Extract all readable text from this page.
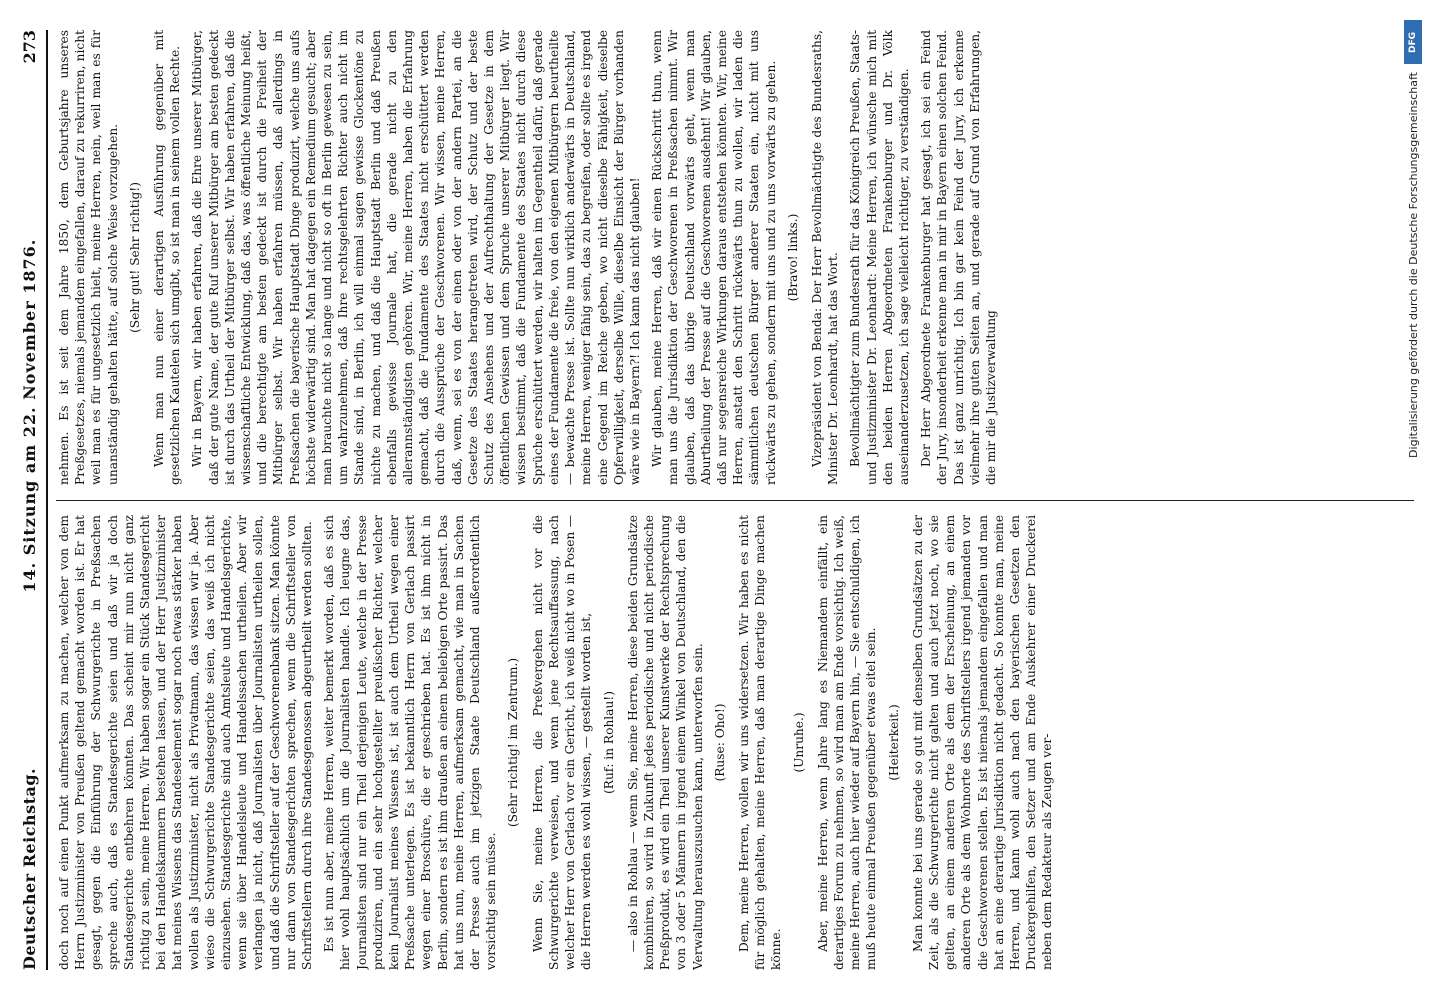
Deutscher Reichstag.
14. Sitzung am 22. November 1876.
273

doch noch auf einen Punkt aufmerksam zu machen, welcher von dem Herrn Justizminister von Preußen geltend gemacht worden ist. Er hat gesagt, gegen die Einführung der Schwurgerichte in Preßsachen spreche auch, daß es Standesgerichte seien und daß wir ja doch Standesgerichte entbehren könnten. Das scheint mir nun nicht ganz richtig zu sein, meine Herren. Wir haben sogar ein Stück Standesgericht bei den Handelskammern bestehen lassen, und der Herr Justizminister hat meines Wissens das Standeselement sogar noch etwas stärker haben wollen als Justizminister, nicht als Privatmann, das wissen wir ja. Aber wieso die Schwurgerichte Standesgerichte seien, das weiß ich nicht einzusehen. Standesgerichte sind auch Amtsleute und Handelsgerichte, wenn sie über Handelsleute und Handelssachen urtheilen. Aber wir verlangen ja nicht, daß Journalisten über Journalisten urtheilen sollen, und daß die Schriftsteller auf der Geschworenenbank sitzen. Man könnte nur dann von Standesgerichten sprechen, wenn die Schriftsteller von Schriftstellern durch ihre Standesgenossen abgeurtheilt werden sollten. Es ist nun aber, meine Herren, weiter bemerkt worden, daß es sich hier wohl hauptsächlich um die Journalisten handle. Ich leugne das, Journalisten sind nur ein Theil derjenigen Leute, welche in der Presse produziren, und ein sehr hochgestellter preußischer Richter, welcher kein Journalist meines Wissens ist, ist auch dem Urtheil wegen einer Preßsache unterlegen. Es ist bekanntlich Herrn von Gerlach passirt wegen einer Broschüre, die er geschrieben hat. Es ist ihm nicht in Berlin, sondern es ist ihm draußen an einem beliebigen Orte passirt. Das hat uns nun, meine Herren, aufmerksam gemacht, wie man in Sachen der Presse auch im jetzigen Staate Deutschland außerordentlich vorsichtig sein müsse.

(Sehr richtig! im Zentrum.) Wenn Sie, meine Herren, die Preßvergehen nicht vor die Schwurgerichte verweisen, und wenn jene Rechtsauffassung, nach welcher Herr von Gerlach vor ein Gericht, ich weiß nicht wo in Posen — die Herren werden es wohl wissen, — gestellt worden ist, (Ruf: in Rohlau!) — also in Rohlau — wenn Sie, meine Herren, diese beiden Grundsätze kombiniren, so wird in Zukunft jedes periodische und nicht periodische Preßprodukt, es wird ein Theil unserer Kunstwerke der Rechtsprechung von 3 oder 5 Männern in irgend einem Winkel von Deutschland, den die Verwaltung herauszusuchen kann, unterworfen sein. (Ruse: Oho!) Dem, meine Herren, wollen wir uns widersetzen. Wir haben es nicht für möglich gehalten, meine Herren, daß man derartige Dinge machen könne.

(Unruhe.) Aber, meine Herren, wenn Jahre lang es Niemandem einfällt, ein derartiges Forum zu nehmen, so wird man am Ende vorsichtig. Ich weiß, meine Herren, auch hier wieder auf Bayern hin, — Sie entschuldigen, ich muß heute einmal Preußen gegenüber etwas eitel sein. (Heiterkeit.) Man konnte bei uns gerade so gut mit denselben Grundsätzen zu der Zeit, als die Schwurgerichte nicht galten und auch jetzt noch, wo sie gelten, an einem anderen Orte als dem der Erscheinung, an einem anderen Orte als dem Wohnorte des Schriftstellers irgend jemanden vor die Geschworenen stellen. Es ist niemals jemandem eingefallen und man hat an eine derartige Jurisdiktion nicht gedacht. So konnte man, meine Herren, und kann wohl auch nach den bayerischen Gesetzen den Druckergehilfen, den Setzer und am Ende Auskehrer einer Druckerei neben dem Redakteur als Zeugen ver-

nehmen. Es ist seit dem Jahre 1850, dem Geburtsjahre unseres Preßgesetzes, niemals jemandem eingefallen, darauf zu rekurriren, nicht weil man es für ungesetzlich hielt, meine Herren, nein, weil man es für unanständig gehalten hätte, auf solche Weise vorzugehen. (Sehr gut! Sehr richtig!) Wenn man nun einer derartigen Ausführung gegenüber mit gesetzlichen Kautelen sich umgibt, so ist man in seinem vollen Rechte. Wir in Bayern, wir haben erfahren, daß die Ehre unserer Mitbürger, daß der gute Name, der gute Ruf unserer Mitbürger am besten gedeckt ist durch das Urtheil der Mitbürger selbst. Wir haben erfahren, daß die wissenschaftliche Entwicklung, daß das, was öffentliche Meinung heißt, und die berechtigte am besten gedeckt ist durch die Freiheit der Mitbürger selbst. Wir haben erfahren müssen, daß allerdings in Preßsachen die bayerische Hauptstadt Dinge produzirt, welche uns aufs höchste widerwärtig sind. Man hat dagegen ein Remedium gesucht; aber man brauchte nicht so lange und nicht so oft in Berlin gewesen zu sein, um wahrzunehmen, daß Ihre rechtsgelehrten Richter auch nicht im Stande sind, in Berlin, ich will einmal sagen gewisse Glockentöne zu nichte zu machen, und daß die Hauptstadt Berlin und daß Preußen ebenfalls gewisse Journale hat, die gerade nicht zu den allerannständigsten gehören. Wir, meine Herren, haben die Erfahrung gemacht, daß die Fundamente des Staates nicht erschüttert werden durch die Aussprüche der Geschworenen. Wir wissen, meine Herren, daß, wenn, sei es von der einen oder von der andern Partei, an die Gesetze des Staates herangetreten wird, der Schutz und der beste Schutz des Ansehens und der Aufrechthaltung der Gesetze in dem öffentlichen Gewissen und dem Spruche unserer Mitbürger liegt. Wir wissen bestimmt, daß die Fundamente des Staates nicht durch diese Sprüche erschüttert werden, wir halten im Gegentheil dafür, daß gerade eines der Fundamente die freie, von den eigenen Mitbürgern beurtheilte — bewachte Presse ist. Sollte nun wirklich anderwärts in Deutschland, meine Herren, weniger fähig sein, das zu begreifen, oder sollte es irgend eine Gegend im Reiche geben, wo nicht dieselbe Fähigkeit, dieselbe Opferwilligkeit, derselbe Wille, dieselbe Einsicht der Bürger vorhanden wäre wie in Bayern?! Ich kann das nicht glauben! Wir glauben, meine Herren, daß wir einen Rückschritt thun, wenn man uns die Jurisdiktion der Geschworenen in Preßsachen nimmt. Wir glauben, daß das übrige Deutschland vorwärts geht, wenn man Aburtheilung der Presse auf die Geschworenen ausdehnt! Wir glauben, daß nur segensreiche Wirkungen daraus entstehen könnten. Wir, meine Herren, anstatt den Schritt rückwärts thun zu wollen, wir laden die sämmtlichen deutschen Bürger anderer Staaten ein, nicht mit uns rückwärts zu gehen, sondern mit uns und zu uns vorwärts zu gehen. (Bravo! links.) Vizepräsident von Benda: Der Herr Bevollmächtigte des Bundesraths, Minister Dr. Leonhardt, hat das Wort. Bevollmächtigter zum Bundesrath für das Königreich Preußen, Staats- und Justizminister Dr. Leonhardt: Meine Herren, ich wünsche mich mit den beiden Herren Abgeordneten Frankenburger und Dr. Völk auseinanderzusetzen, ich sage vielleicht richtiger, zu verständigen. Der Herr Abgeordnete Frankenburger hat gesagt, ich sei ein Feind der Jury, insonderheit erkenne man in mir in Bayern einen solchen Feind. Das ist ganz unrichtig. Ich bin gar kein Feind der Jury, ich erkenne vielmehr ihre guten Seiten an, und gerade auf Grund von Erfahrungen, die mir die Justizverwaltung

DFG
Digitalisierung gefördert durch die Deutsche Forschungsgemeinschaft
